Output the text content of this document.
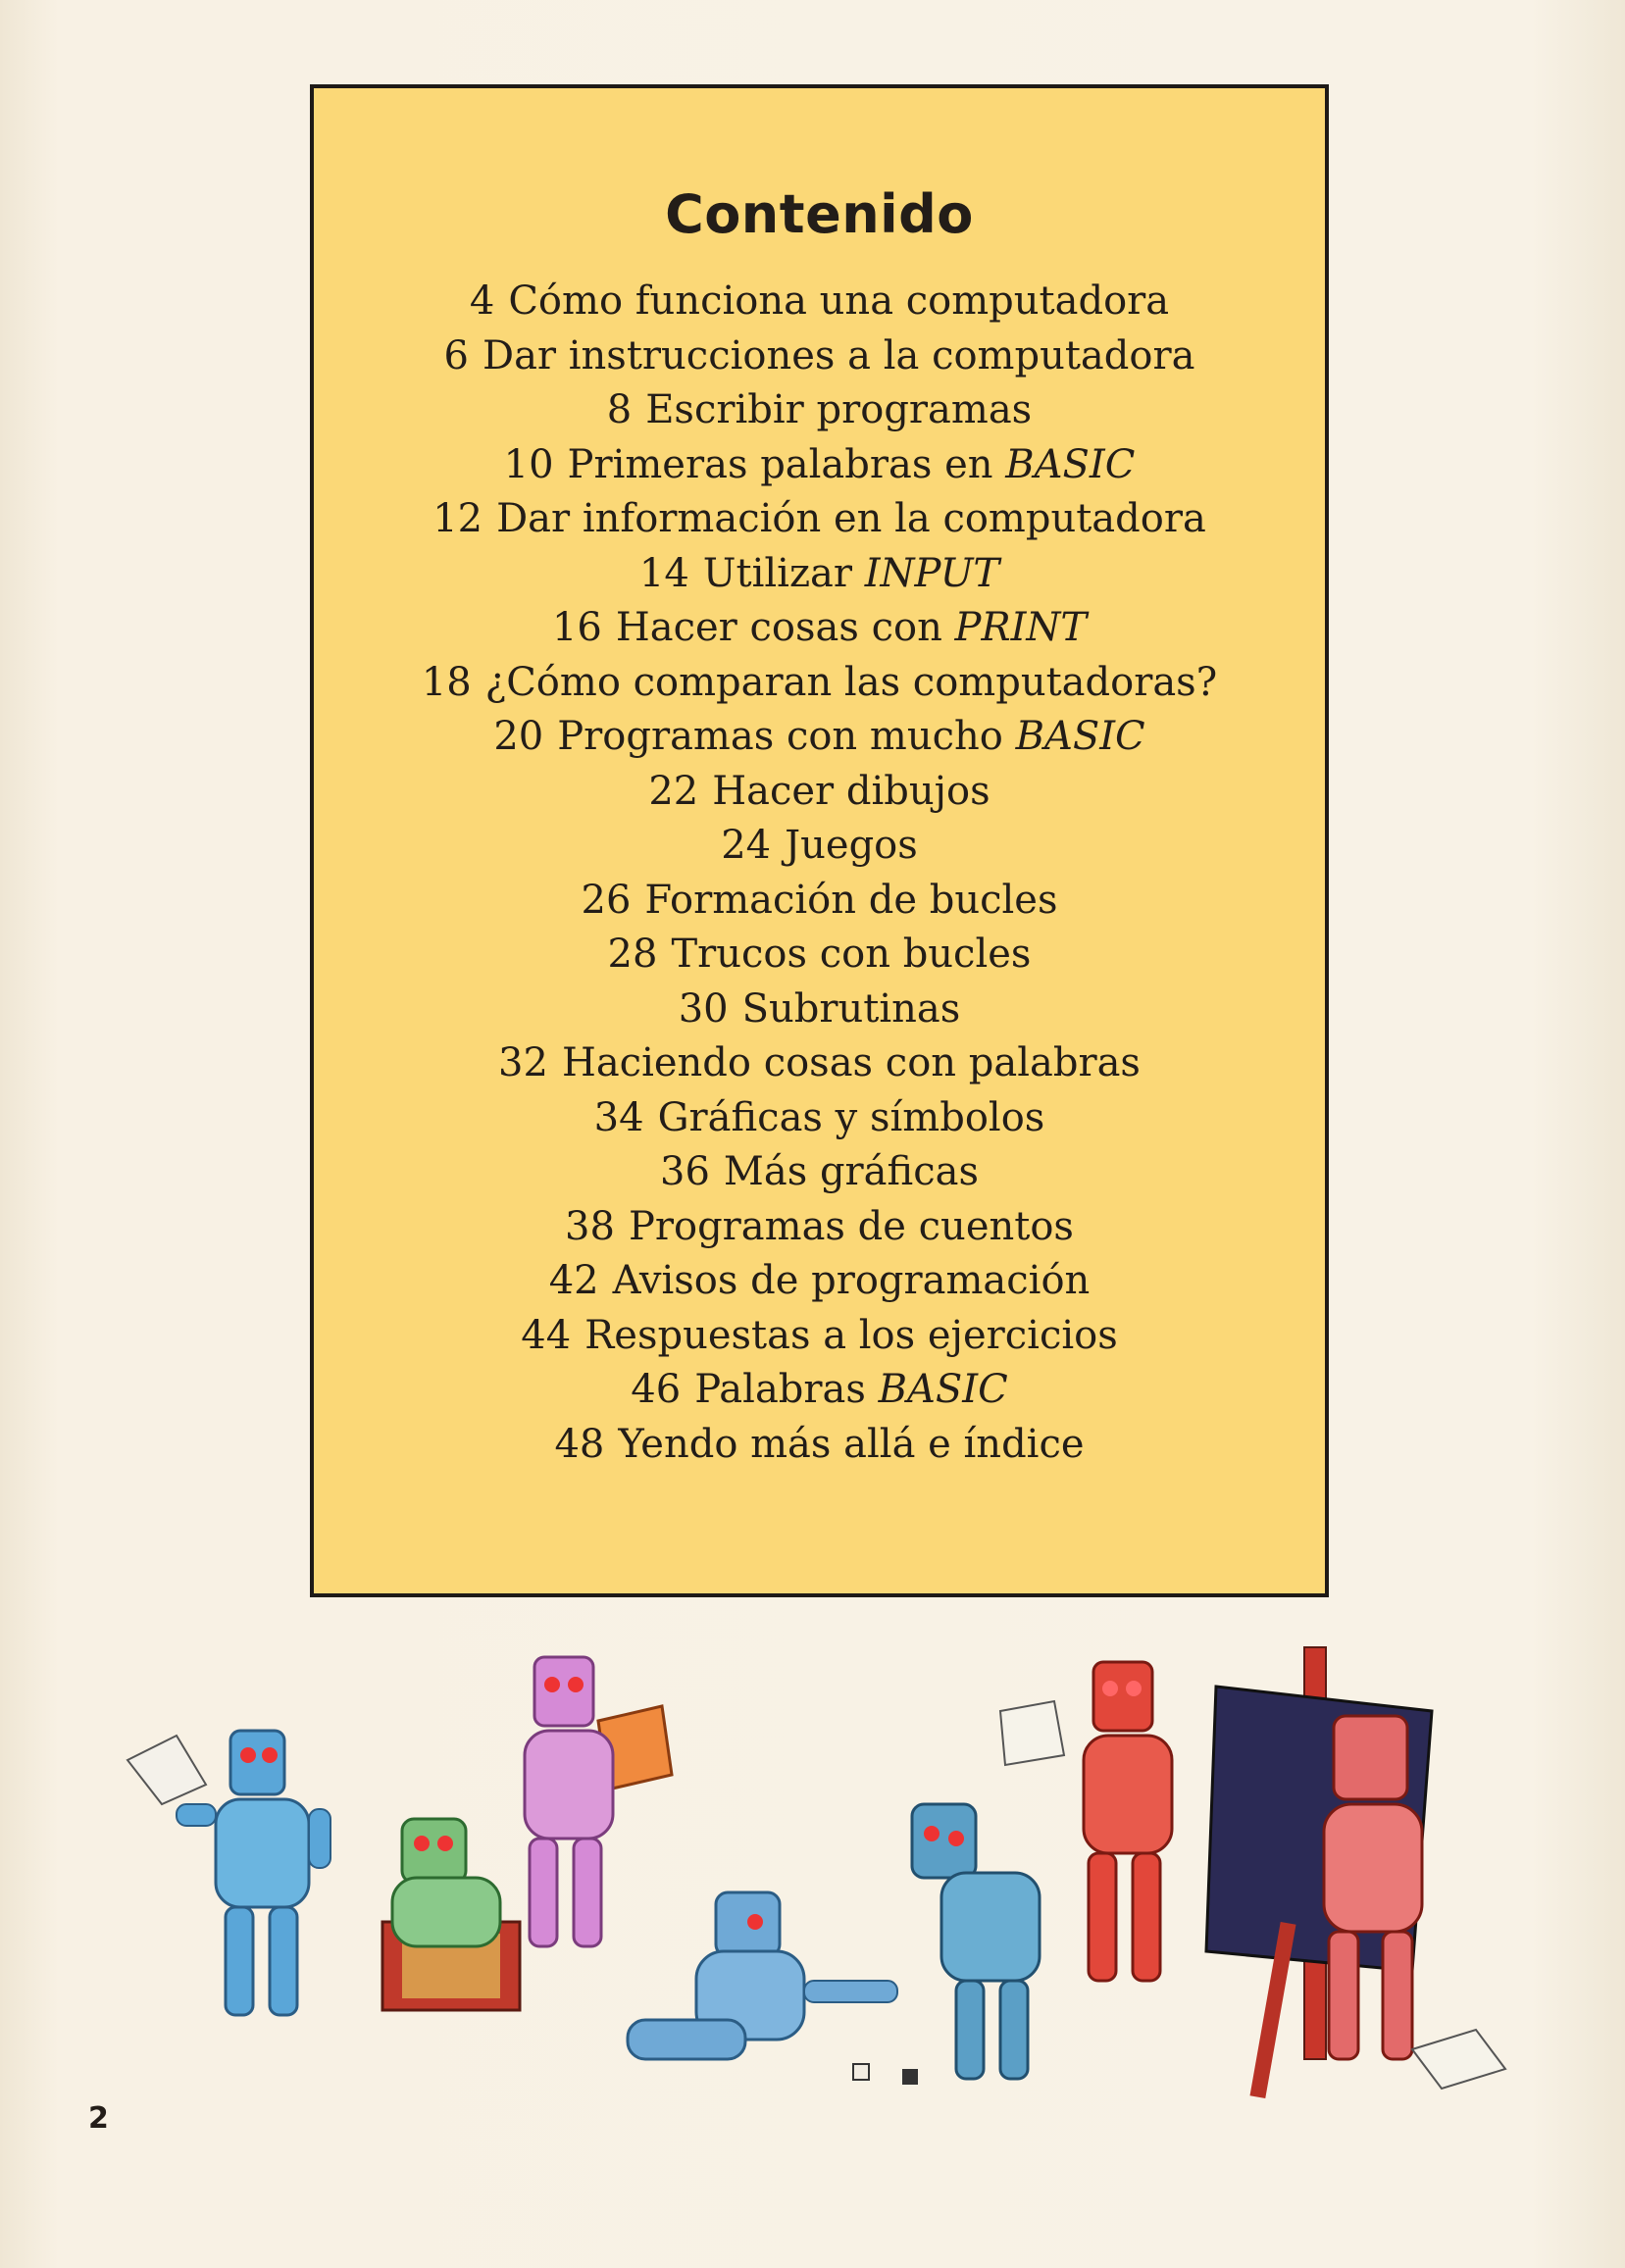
Contenido
4 Cómo funciona una computadora
6 Dar instrucciones a la computadora
8 Escribir programas
10 Primeras palabras en BASIC
12 Dar información en la computadora
14 Utilizar INPUT
16 Hacer cosas con PRINT
18 ¿Cómo comparan las computadoras?
20 Programas con mucho BASIC
22 Hacer dibujos
24 Juegos
26 Formación de bucles
28 Trucos con bucles
30 Subrutinas
32 Haciendo cosas con palabras
34 Gráficas y símbolos
36 Más gráficas
38 Programas de cuentos
42 Avisos de programación
44 Respuestas a los ejercicios
46 Palabras BASIC
48 Yendo más allá e índice
2
